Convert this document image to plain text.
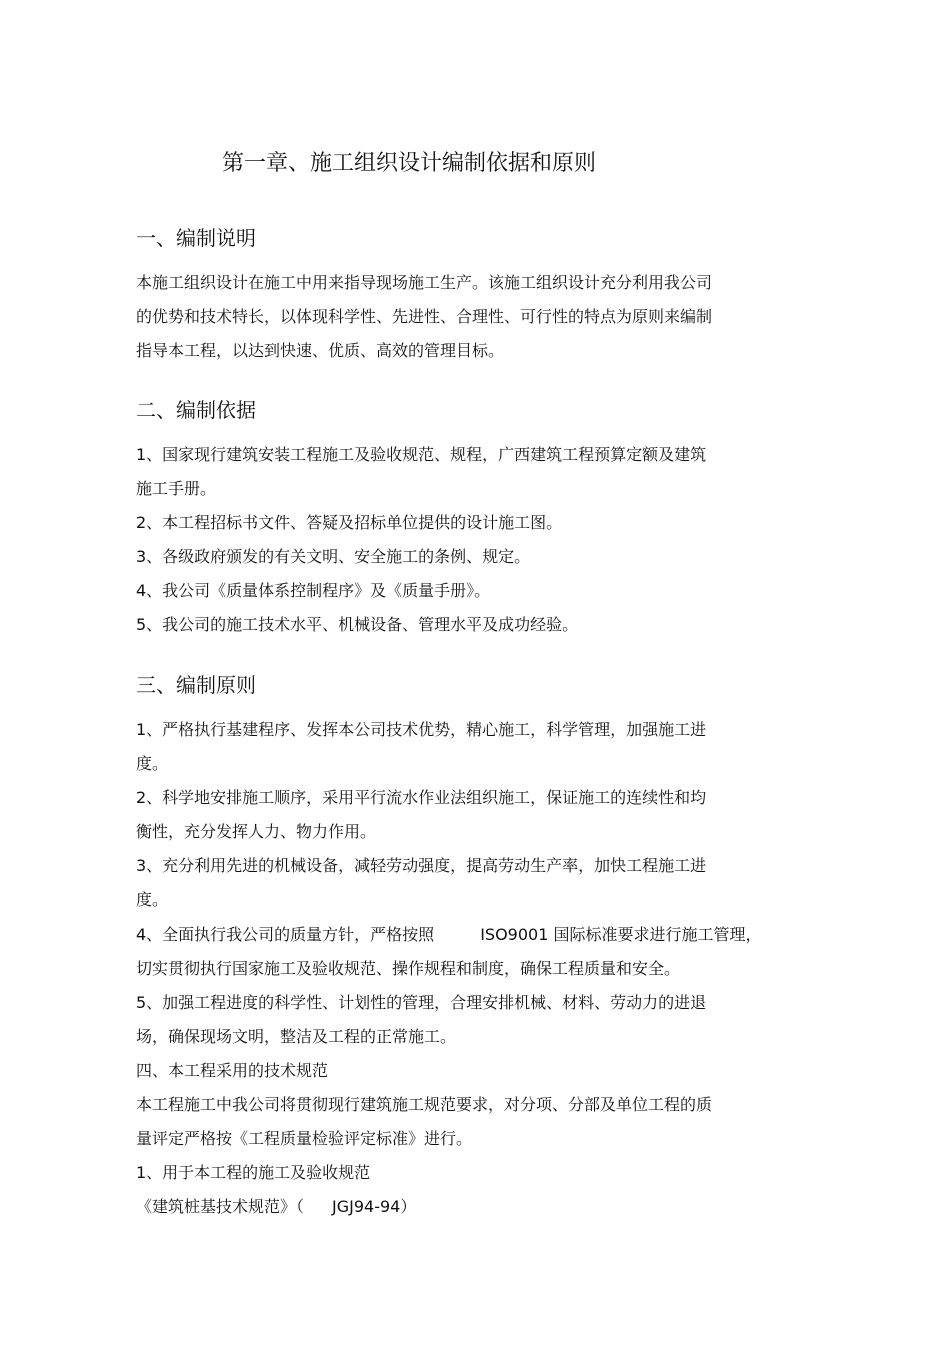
第一章、施工组织设计编制依据和原则
一、编制说明
本施工组织设计在施工中用来指导现场施工生产。该施工组织设计充分利用我公司
的优势和技术特长，以体现科学性、先进性、合理性、可行性的特点为原则来编制
指导本工程，以达到快速、优质、高效的管理目标。
二、编制依据
1、国家现行建筑安装工程施工及验收规范、规程，广西建筑工程预算定额及建筑
施工手册。
2、本工程招标书文件、答疑及招标单位提供的设计施工图。
3、各级政府颁发的有关文明、安全施工的条例、规定。
4、我公司《质量体系控制程序》及《质量手册》。
5、我公司的施工技术水平、机械设备、管理水平及成功经验。
三、编制原则
1、严格执行基建程序、发挥本公司技术优势，精心施工，科学管理，加强施工进
度。
2、科学地安排施工顺序，采用平行流水作业法组织施工，保证施工的连续性和均
衡性，充分发挥人力、物力作用。
3、充分利用先进的机械设备，减轻劳动强度，提高劳动生产率，加快工程施工进
度。
4、全面执行我公司的质量方针，严格按照	ISO9001 国际标准要求进行施工管理，
切实贯彻执行国家施工及验收规范、操作规程和制度，确保工程质量和安全。
5、加强工程进度的科学性、计划性的管理，合理安排机械、材料、劳动力的进退
场，确保现场文明，整洁及工程的正常施工。
四、本工程采用的技术规范
本工程施工中我公司将贯彻现行建筑施工规范要求，对分项、分部及单位工程的质
量评定严格按《工程质量检验评定标准》进行。
1、用于本工程的施工及验收规范
《建筑桩基技术规范》（ JGJ94-94）
